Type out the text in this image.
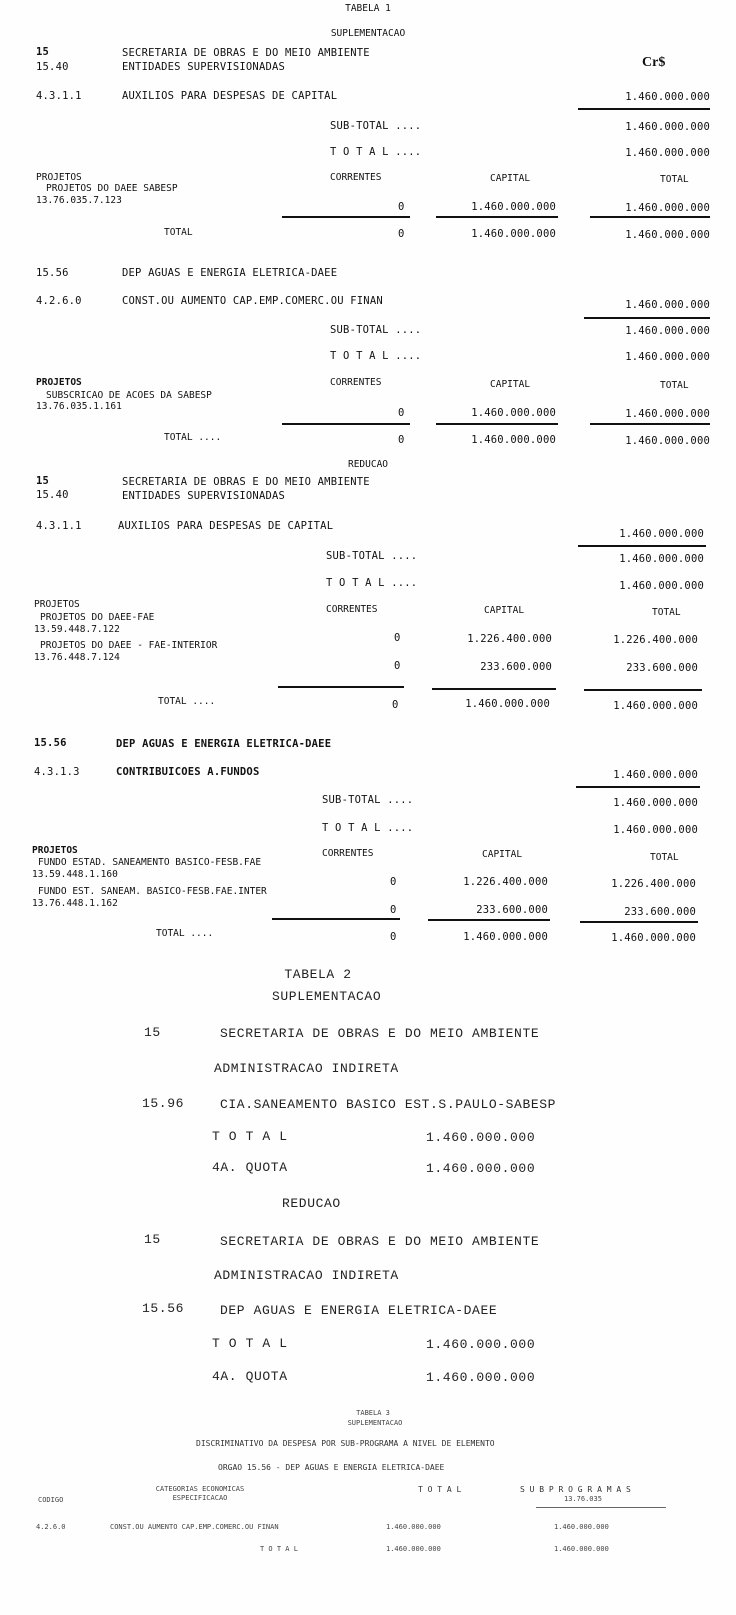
TABELA 1
SUPLEMENTACAO
15	SECRETARIA DE OBRAS E DO MEIO AMBIENTE
15.40	ENTIDADES SUPERVISIONADAS	Cr$
4.3.1.1	AUXILIOS PARA DESPESAS DE CAPITAL	1.460.000.000
SUB-TOTAL ....	1.460.000.000
T O T A L ....	1.460.000.000
PROJETOS	CORRENTES	CAPITAL	TOTAL
PROJETOS DO DAEE SABESP
13.76.035.7.123
0	1.460.000.000	1.460.000.000
TOTAL	0	1.460.000.000	1.460.000.000
15.56	DEP AGUAS E ENERGIA ELETRICA-DAEE
4.2.6.0	CONST.OU AUMENTO CAP.EMP.COMERC.OU FINAN	1.460.000.000
SUB-TOTAL ....	1.460.000.000
T O T A L ....	1.460.000.000
PROJETOS	CORRENTES	CAPITAL	TOTAL
SUBSCRICAO DE ACOES DA SABESP
13.76.035.1.161
0	1.460.000.000	1.460.000.000
TOTAL ....	0	1.460.000.000	1.460.000.000
REDUCAO
15	SECRETARIA DE OBRAS E DO MEIO AMBIENTE
15.40	ENTIDADES SUPERVISIONADAS
4.3.1.1	AUXILIOS PARA DESPESAS DE CAPITAL
1.460.000.000
SUB-TOTAL ....	1.460.000.000
T O T A L ....	1.460.000.000
PROJETOS	CORRENTES	CAPITAL	TOTAL
PROJETOS DO DAEE-FAE
13.59.448.7.122
0	1.226.400.000	1.226.400.000
PROJETOS DO DAEE - FAE-INTERIOR
13.76.448.7.124
0	233.600.000	233.600.000
TOTAL ....	0	1.460.000.000	1.460.000.000
15.56	DEP AGUAS E ENERGIA ELETRICA-DAEE
4.3.1.3	CONTRIBUICOES A.FUNDOS	1.460.000.000
SUB-TOTAL ....	1.460.000.000
T O T A L ....	1.460.000.000
PROJETOS	CORRENTES	CAPITAL	TOTAL
FUNDO ESTAD. SANEAMENTO BASICO-FESB.FAE
13.59.448.1.160
0	1.226.400.000	1.226.400.000
FUNDO EST. SANEAM. BASICO-FESB.FAE.INTER
13.76.448.1.162
0	233.600.000	233.600.000
TOTAL ....	0	1.460.000.000	1.460.000.000
TABELA 2
SUPLEMENTACAO
15	SECRETARIA DE OBRAS E DO MEIO AMBIENTE
ADMINISTRACAO INDIRETA
15.96	CIA.SANEAMENTO BASICO EST.S.PAULO-SABESP
T O T A L	1.460.000.000
4A. QUOTA	1.460.000.000
REDUCAO
15	SECRETARIA DE OBRAS E DO MEIO AMBIENTE
ADMINISTRACAO INDIRETA
15.56	DEP AGUAS E ENERGIA ELETRICA-DAEE
T O T A L	1.460.000.000
4A. QUOTA	1.460.000.000
TABELA 3
SUPLEMENTACAO
DISCRIMINATIVO DA DESPESA POR SUB-PROGRAMA A NIVEL DE ELEMENTO
ORGAO 15.56 - DEP AGUAS E ENERGIA ELETRICA-DAEE
CODIGO
CATEGORIAS ECONOMICAS
ESPECIFICACAO
T O T A L	S U B P R O G R A M A S
13.76.035
4.2.6.0	CONST.OU AUMENTO CAP.EMP.COMERC.OU FINAN	1.460.000.000	1.460.000.000
T O T A L	1.460.000.000	1.460.000.000
